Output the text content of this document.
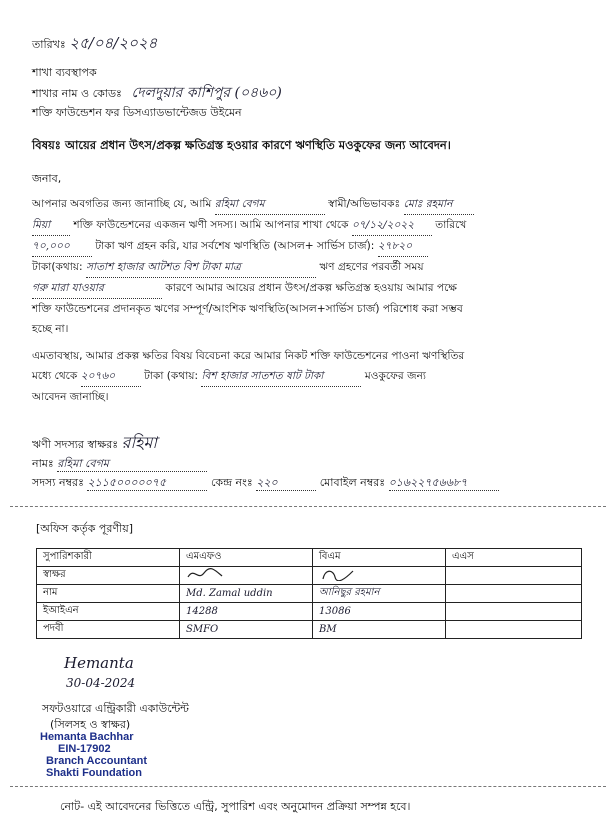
তারিখঃ ২৫/০৪/২০২৪
শাখা ব্যবস্থাপক
শাখার নাম ও কোডঃ দেলদুয়ার কাশিপুর (০৪৬০)
শক্তি ফাউন্ডেশন ফর ডিসএ্যাডভান্টেজড উইমেন
বিষয়ঃ আয়ের প্রধান উৎস/প্রকল্প ক্ষতিগ্রস্ত হওয়ার কারণে ঋণস্থিতি মওকুফের জন্য আবেদন।
জনাব,
আপনার অবগতির জন্য জানাচ্ছি যে, আমি রহিমা বেগম	স্বামী/অভিভাবকঃ মোঃ রহমান
মিয়া শক্তি ফাউন্ডেশনের একজন ঋণী সদস্য। আমি আপনার শাখা থেকে ০৭/১২/২০২২ তারিখে
৭০,০০০ টাকা ঋণ গ্রহন করি, যার সর্বশেষ ঋণস্থিতি (আসল+ সার্ভিস চার্জ): ২৭৮২০
টাকা(কথায়: সাতাশ হাজার আটশত বিশ টাকা মাত্র	ঋণ গ্রহণের পরবর্তী সময়
গরু মারা যাওয়ার	কারণে আমার আয়ের প্রধান উৎস/প্রকল্প ক্ষতিগ্রস্ত হওয়ায় আমার পক্ষে
শক্তি ফাউন্ডেশনের প্রদানকৃত ঋণের সম্পূর্ণ/আংশিক ঋণস্থিতি(আসল+সার্ভিস চার্জ) পরিশোধ করা সম্ভব
হচ্ছে না।
এমতাবস্থায়, আমার প্রকল্প ক্ষতির বিষয় বিবেচনা করে আমার নিকট শক্তি ফাউন্ডেশনের পাওনা ঋণস্থিতির
মধ্যে থেকে ২০৭৬০	টাকা (কথায়: বিশ হাজার সাতশত ষাট টাকা	মওকুফের জন্য
আবেদন জানাচ্ছি।
ঋণী সদস্যর স্বাক্ষরঃ রহিমা
নামঃ রহিমা বেগম
সদস্য নম্বরঃ ২১১৫০০০০০৭৫	কেন্দ্র নংঃ ২২০	মোবাইল নম্বরঃ ০১৬২২৭৫৬৬৮৭
[অফিস কর্তৃক পূরণীয়]
সুপারিশকারী	এমএফও	বিএম	এএস
স্বাক্ষর			
নাম	Md. Zamal uddin	আনিছুর রহমান	
ইআইএন	14288	13086	
পদবী	SMFO	BM	
Hemanta
30-04-2024
সফটওয়ারে এন্ট্রিকারী একাউন্টেন্ট
(সিলসহ ও স্বাক্ষর)
Hemanta Bachhar
EIN-17902
Branch Accountant
Shakti Foundation
নোট- এই আবেদনের ভিত্তিতে এন্ট্রি, সুপারিশ এবং অনুমোদন প্রক্রিয়া সম্পন্ন হবে।
